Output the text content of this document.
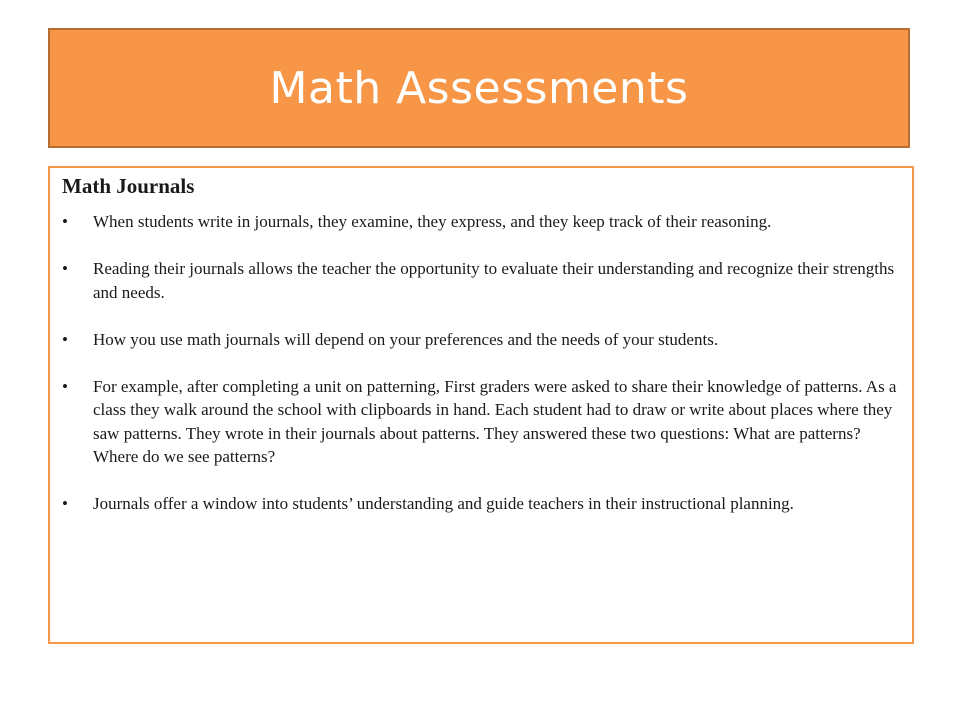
Math Assessments
Math Journals
• When students write in journals, they examine, they express, and they keep track of their reasoning.
• Reading their journals allows the teacher the opportunity to evaluate their understanding and recognize their strengths and needs.
• How you use math journals will depend on your preferences and the needs of your students.
• For example, after completing a unit on patterning, First graders were asked to share their knowledge of patterns. As a class they walk around the school with clipboards in hand. Each student had to draw or write about places where they saw patterns. They wrote in their journals about patterns. They answered these two questions: What are patterns? Where do we see patterns?
• Journals offer a window into students’ understanding and guide teachers in their instructional planning.
